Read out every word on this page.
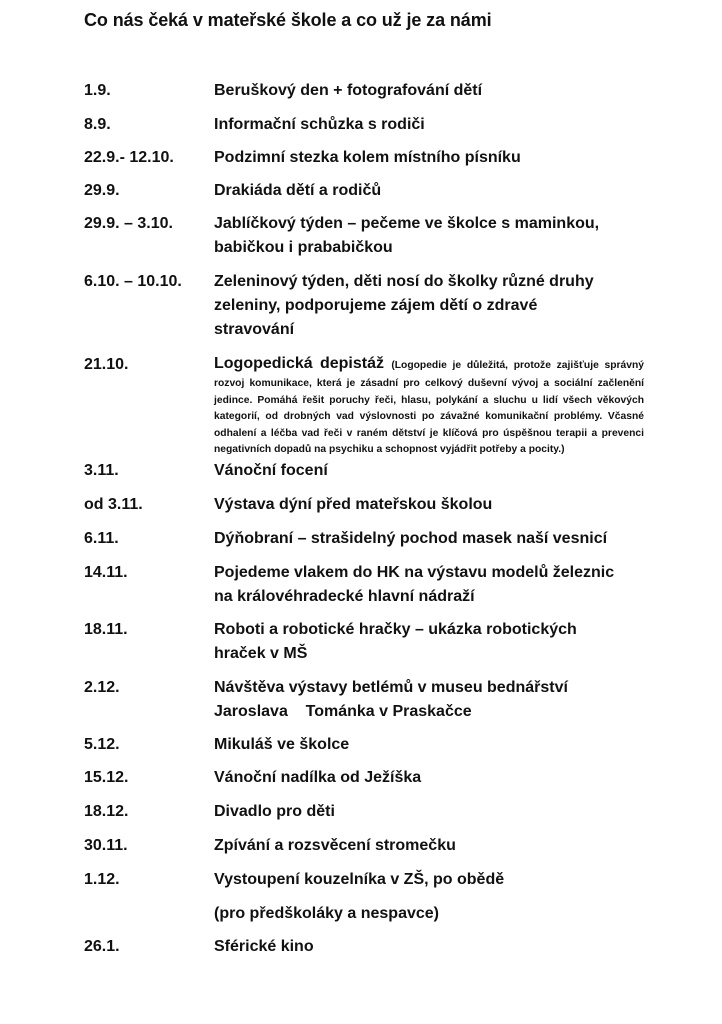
Co nás čeká v mateřské škole a co už je za námi
1.9.	Beruškový den + fotografování dětí
8.9.	Informační schůzka s rodiči
22.9.- 12.10.	Podzimní stezka kolem místního písníku
29.9.	Drakiáda dětí a rodičů
29.9. – 3.10.	Jablíčkový týden – pečeme ve školce s maminkou,
babičkou i prababičkou
6.10. – 10.10.	Zeleninový týden, děti nosí do školky různé druhy
zeleniny, podporujeme zájem dětí o zdravé
stravování
21.10.	Logopedická depistáž (Logopedie je důležitá, protože zajišťuje správný rozvoj komunikace, která je zásadní pro celkový duševní vývoj a sociální začlenění jedince. Pomáhá řešit poruchy řeči, hlasu, polykání a sluchu u lidí všech věkových kategorií, od drobných vad výslovnosti po závažné komunikační problémy. Včasné odhalení a léčba vad řeči v raném dětství je klíčová pro úspěšnou terapii a prevenci negativních dopadů na psychiku a schopnost vyjádřit potřeby a pocity.)
3.11.	Vánoční focení
od 3.11.	Výstava dýní před mateřskou školou
6.11.	Dýňobraní – strašidelný pochod masek naší vesnicí
14.11.	Pojedeme vlakem do HK na výstavu modelů železnic
na královéhradecké hlavní nádraží
18.11.	Roboti a robotické hračky – ukázka robotických
hraček v MŠ
2.12.	Návštěva výstavy betlémů v museu bednářství
Jaroslava    Tománka v Praskačce
5.12.	Mikuláš ve školce
15.12.	Vánoční nadílka od Ježíška
18.12.	Divadlo pro děti
30.11.	Zpívání a rozsvěcení stromečku
1.12.	Vystoupení kouzelníka v ZŠ, po obědě
(pro předškoláky a nespavce)
26.1.	Sférické kino
